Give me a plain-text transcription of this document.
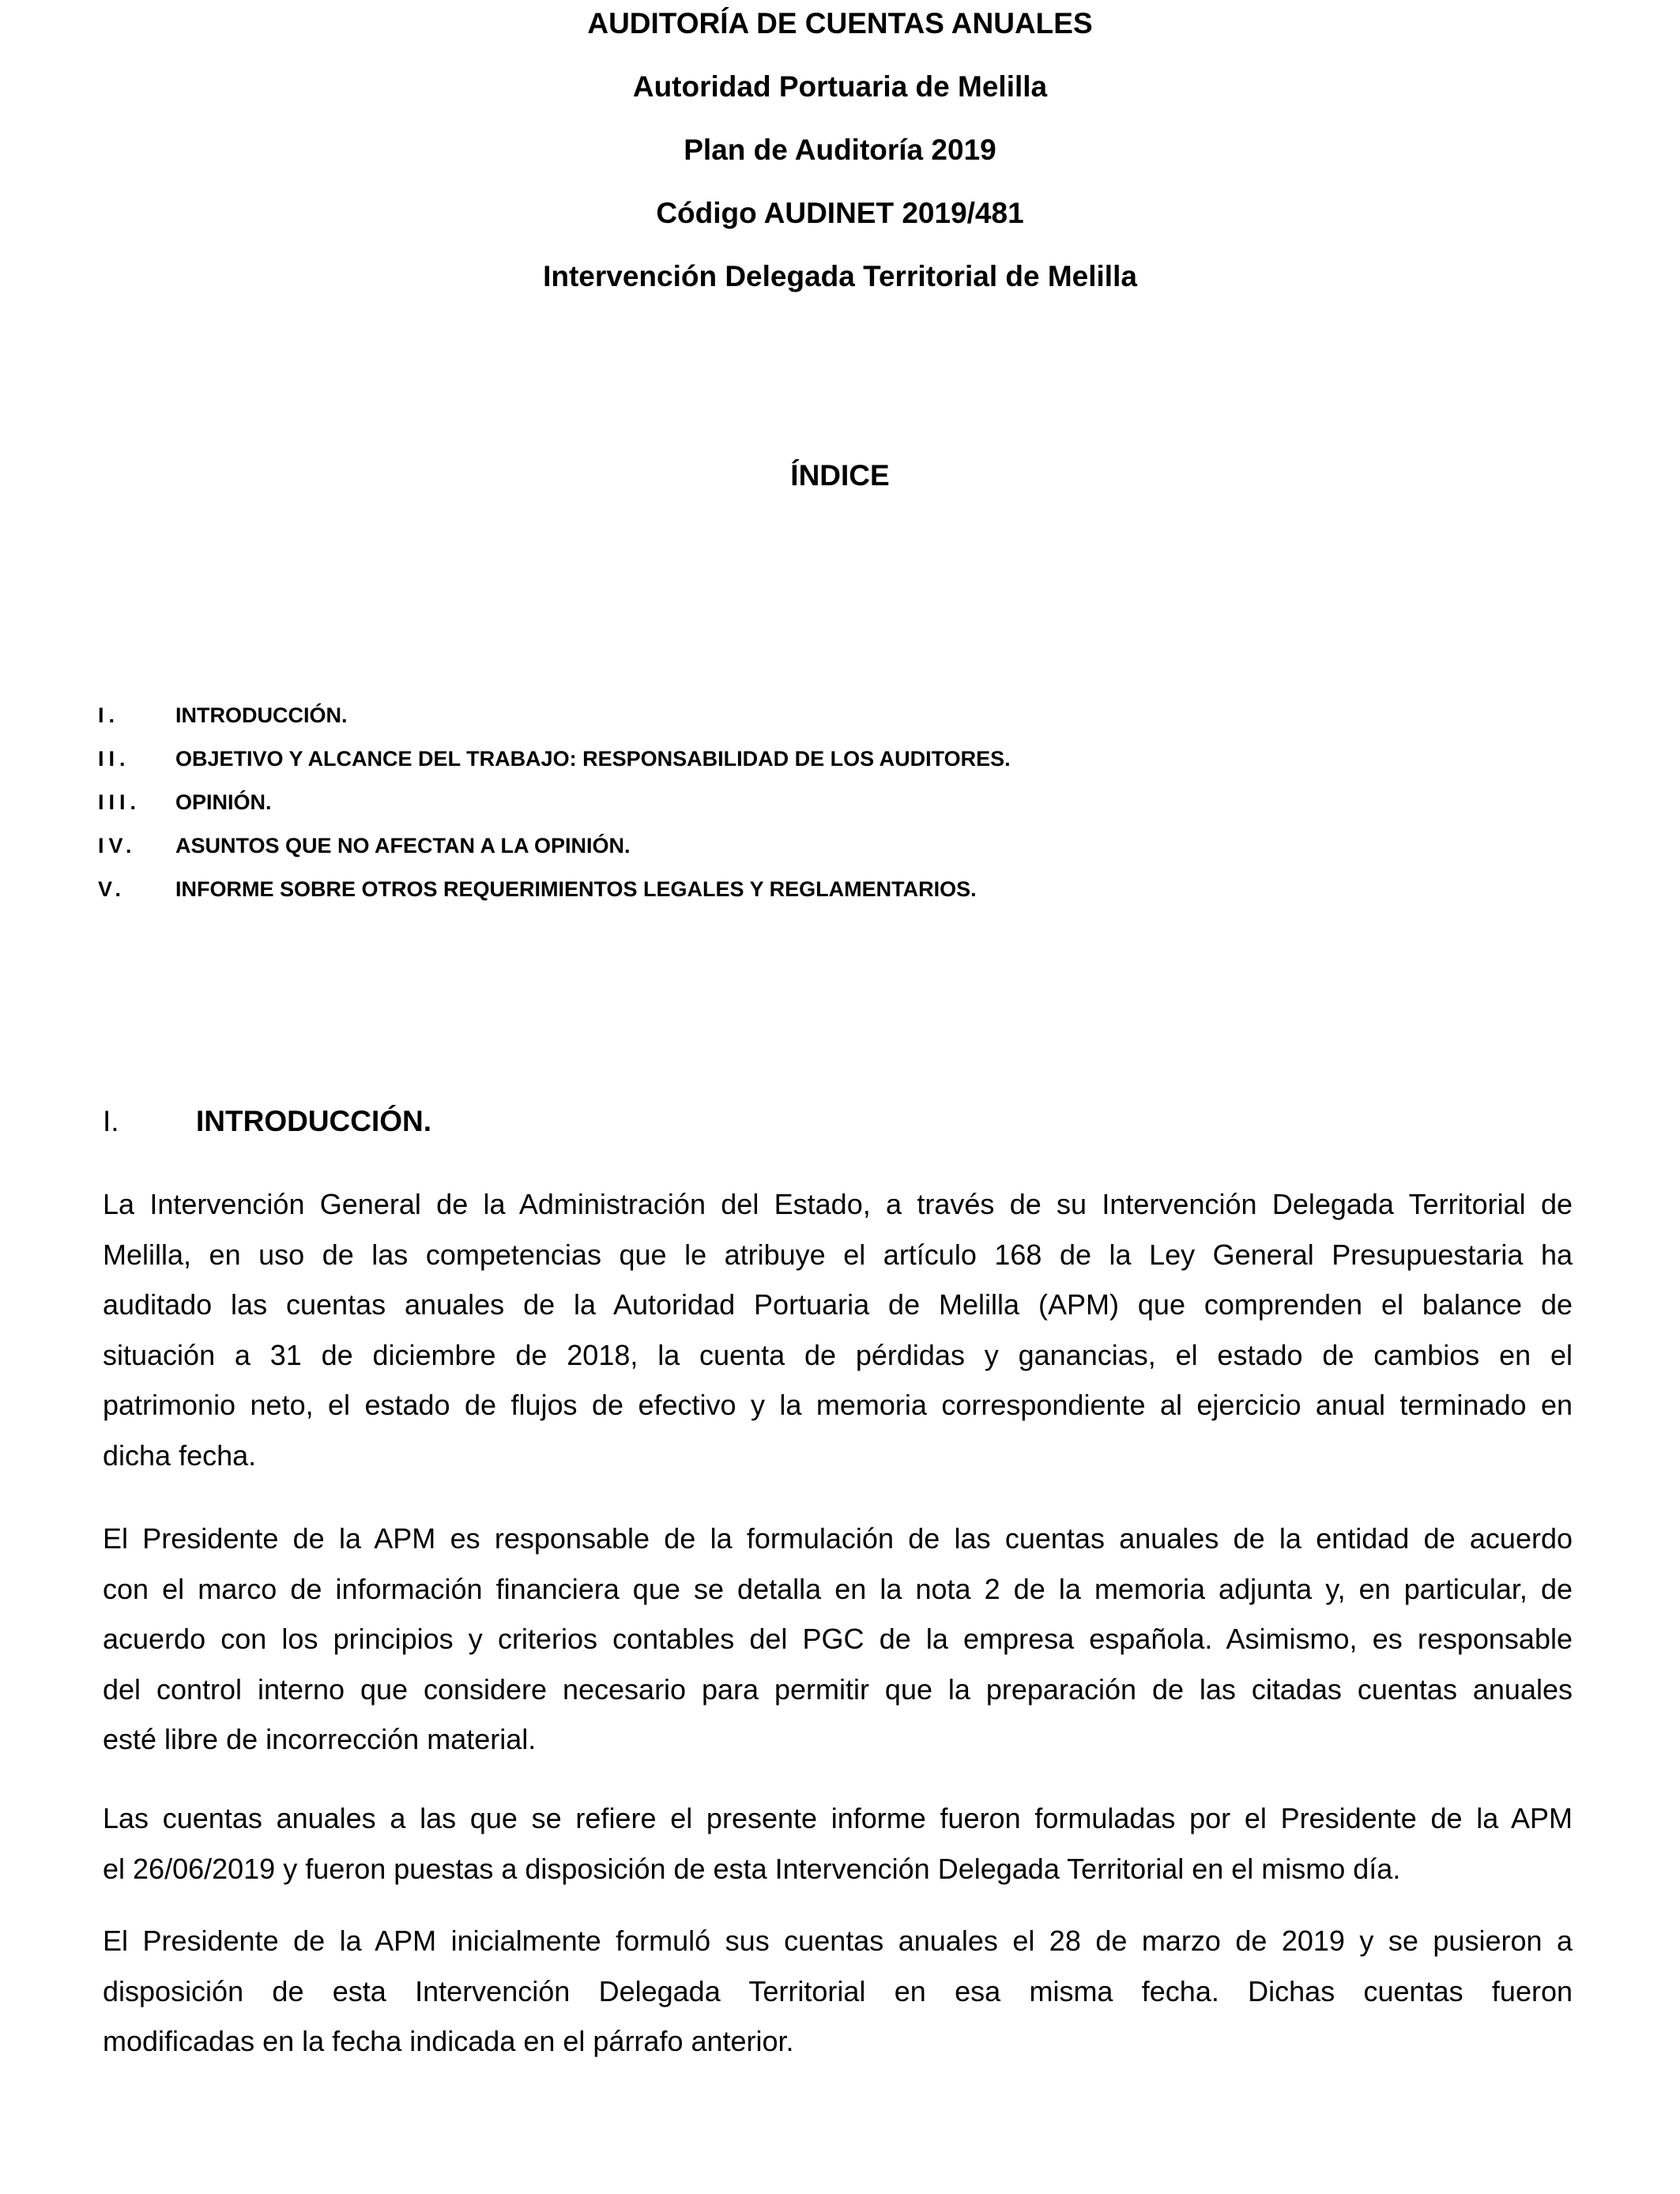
AUDITORÍA DE CUENTAS ANUALES
Autoridad Portuaria de Melilla
Plan de Auditoría 2019
Código AUDINET 2019/481
Intervención Delegada Territorial de Melilla
ÍNDICE
I.	INTRODUCCIÓN.
II. OBJETIVO Y ALCANCE DEL TRABAJO: RESPONSABILIDAD DE LOS AUDITORES.
III. OPINIÓN.
IV. ASUNTOS QUE NO AFECTAN A LA OPINIÓN.
V. INFORME SOBRE OTROS REQUERIMIENTOS LEGALES Y REGLAMENTARIOS.
I.	INTRODUCCIÓN.
La Intervención General de la Administración del Estado, a través de su Intervención Delegada Territorial de
Melilla, en uso de las competencias que le atribuye el artículo 168 de la Ley General Presupuestaria ha
auditado las cuentas anuales de la Autoridad Portuaria de Melilla (APM) que comprenden el balance de
situación a 31 de diciembre de 2018, la cuenta de pérdidas y ganancias, el estado de cambios en el
patrimonio neto, el estado de flujos de efectivo y la memoria correspondiente al ejercicio anual terminado en
dicha fecha.
El Presidente de la APM es responsable de la formulación de las cuentas anuales de la entidad de acuerdo
con el marco de información financiera que se detalla en la nota 2 de la memoria adjunta y, en particular, de
acuerdo con los principios y criterios contables del PGC de la empresa española. Asimismo, es responsable
del control interno que considere necesario para permitir que la preparación de las citadas cuentas anuales
esté libre de incorrección material.
Las cuentas anuales a las que se refiere el presente informe fueron formuladas por el Presidente de la APM
el 26/06/2019 y fueron puestas a disposición de esta Intervención Delegada Territorial en el mismo día.
El Presidente de la APM inicialmente formuló sus cuentas anuales el 28 de marzo de 2019 y se pusieron a
disposición de esta Intervención Delegada Territorial en esa misma fecha. Dichas cuentas fueron
modificadas en la fecha indicada en el párrafo anterior.
